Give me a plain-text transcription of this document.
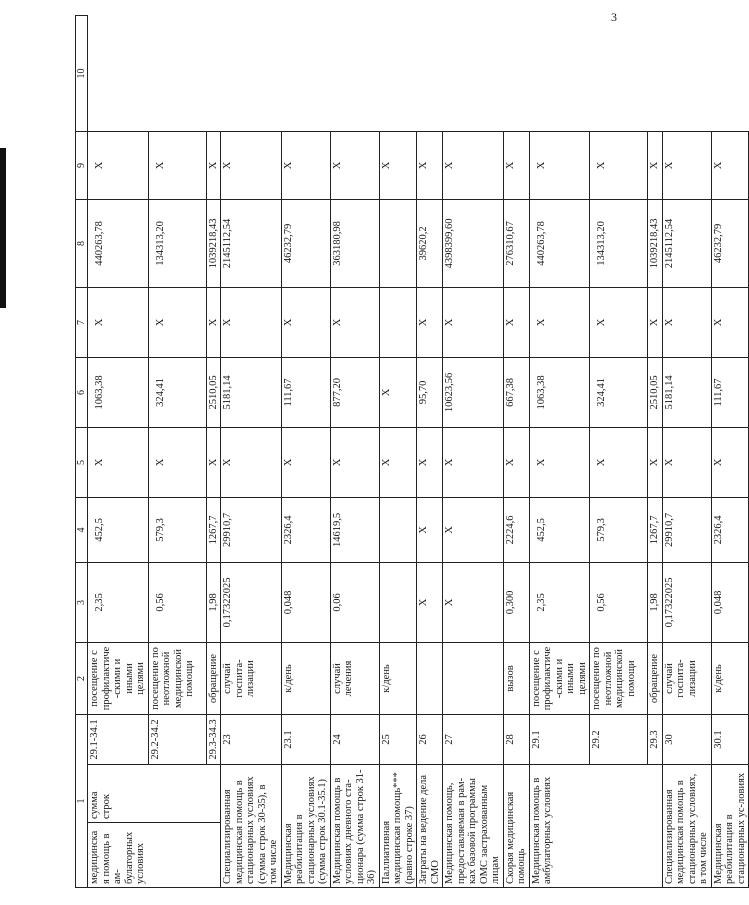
3
1			2	3	4	5	6	7	8	9	10
медицинская помощь в ам-булаторных условиях	сумма строк	29.1-34.1	посещение с профилактиче-скими и иными целями	2,35	452,5	X	1063,38	X	440263,78	X	
		29.2-34.2	посещение по неотложной медицинской помощи	0,56	579,3	X	324,41	X	134313,20	X	
		29.3-34.3	обращение	1,98	1267,7	X	2510,05	X	1039218,43	X	
Специализированная медицинская помощь в стационарных условиях (сумма строк 30-35), в том числе		23	случай госпита-лизации	0,17322025	29910,7	X	5181,14	X	2145112,54	X	
Медицинская реабилитация в стационарных условиях (сумма строк 30.1-35.1)		23.1	к/день	0,048	2326,4	X	111,67	X	46232,79	X	
Медицинская помощь в условиях дневного ста-ционара (сумма строк 31-36)		24	случай лечения	0,06	14619,5	X	877,20	X	363180,98	X	
Паллиативная медицинская помощь*** (равно строке 37)		25	к/день			X	X			X	
Затраты на ведение дела СМО		26		X	X	X	95,70	X	39620,2	X	
Медицинская помощь, предоставляемая в рам-ках базовой программы ОМС застрахованным лицам		27		X	X	X	10623,56	X	4398399,60	X	
Скорая медицинская помощь		28	вызов	0,300	2224,6	X	667,38	X	276310,67	X	
Медицинская помощь в амбулаторных условиях		29.1	посещение с профилактиче-скими и иными целями	2,35	452,5	X	1063,38	X	440263,78	X	
		29.2	посещение по неотложной медицинской помощи	0,56	579,3	X	324,41	X	134313,20	X	
		29.3	обращение	1,98	1267,7	X	2510,05	X	1039218,43	X	
Специализированная медицинская помощь в стационарных условиях, в том числе		30	случай госпита-лизации	0,17322025	29910,7	X	5181,14	X	2145112,54	X	
Медицинская реабилитация в стационарных ус-ловиях		30.1	к/день	0,048	2326,4	X	111,67	X	46232,79	X	
